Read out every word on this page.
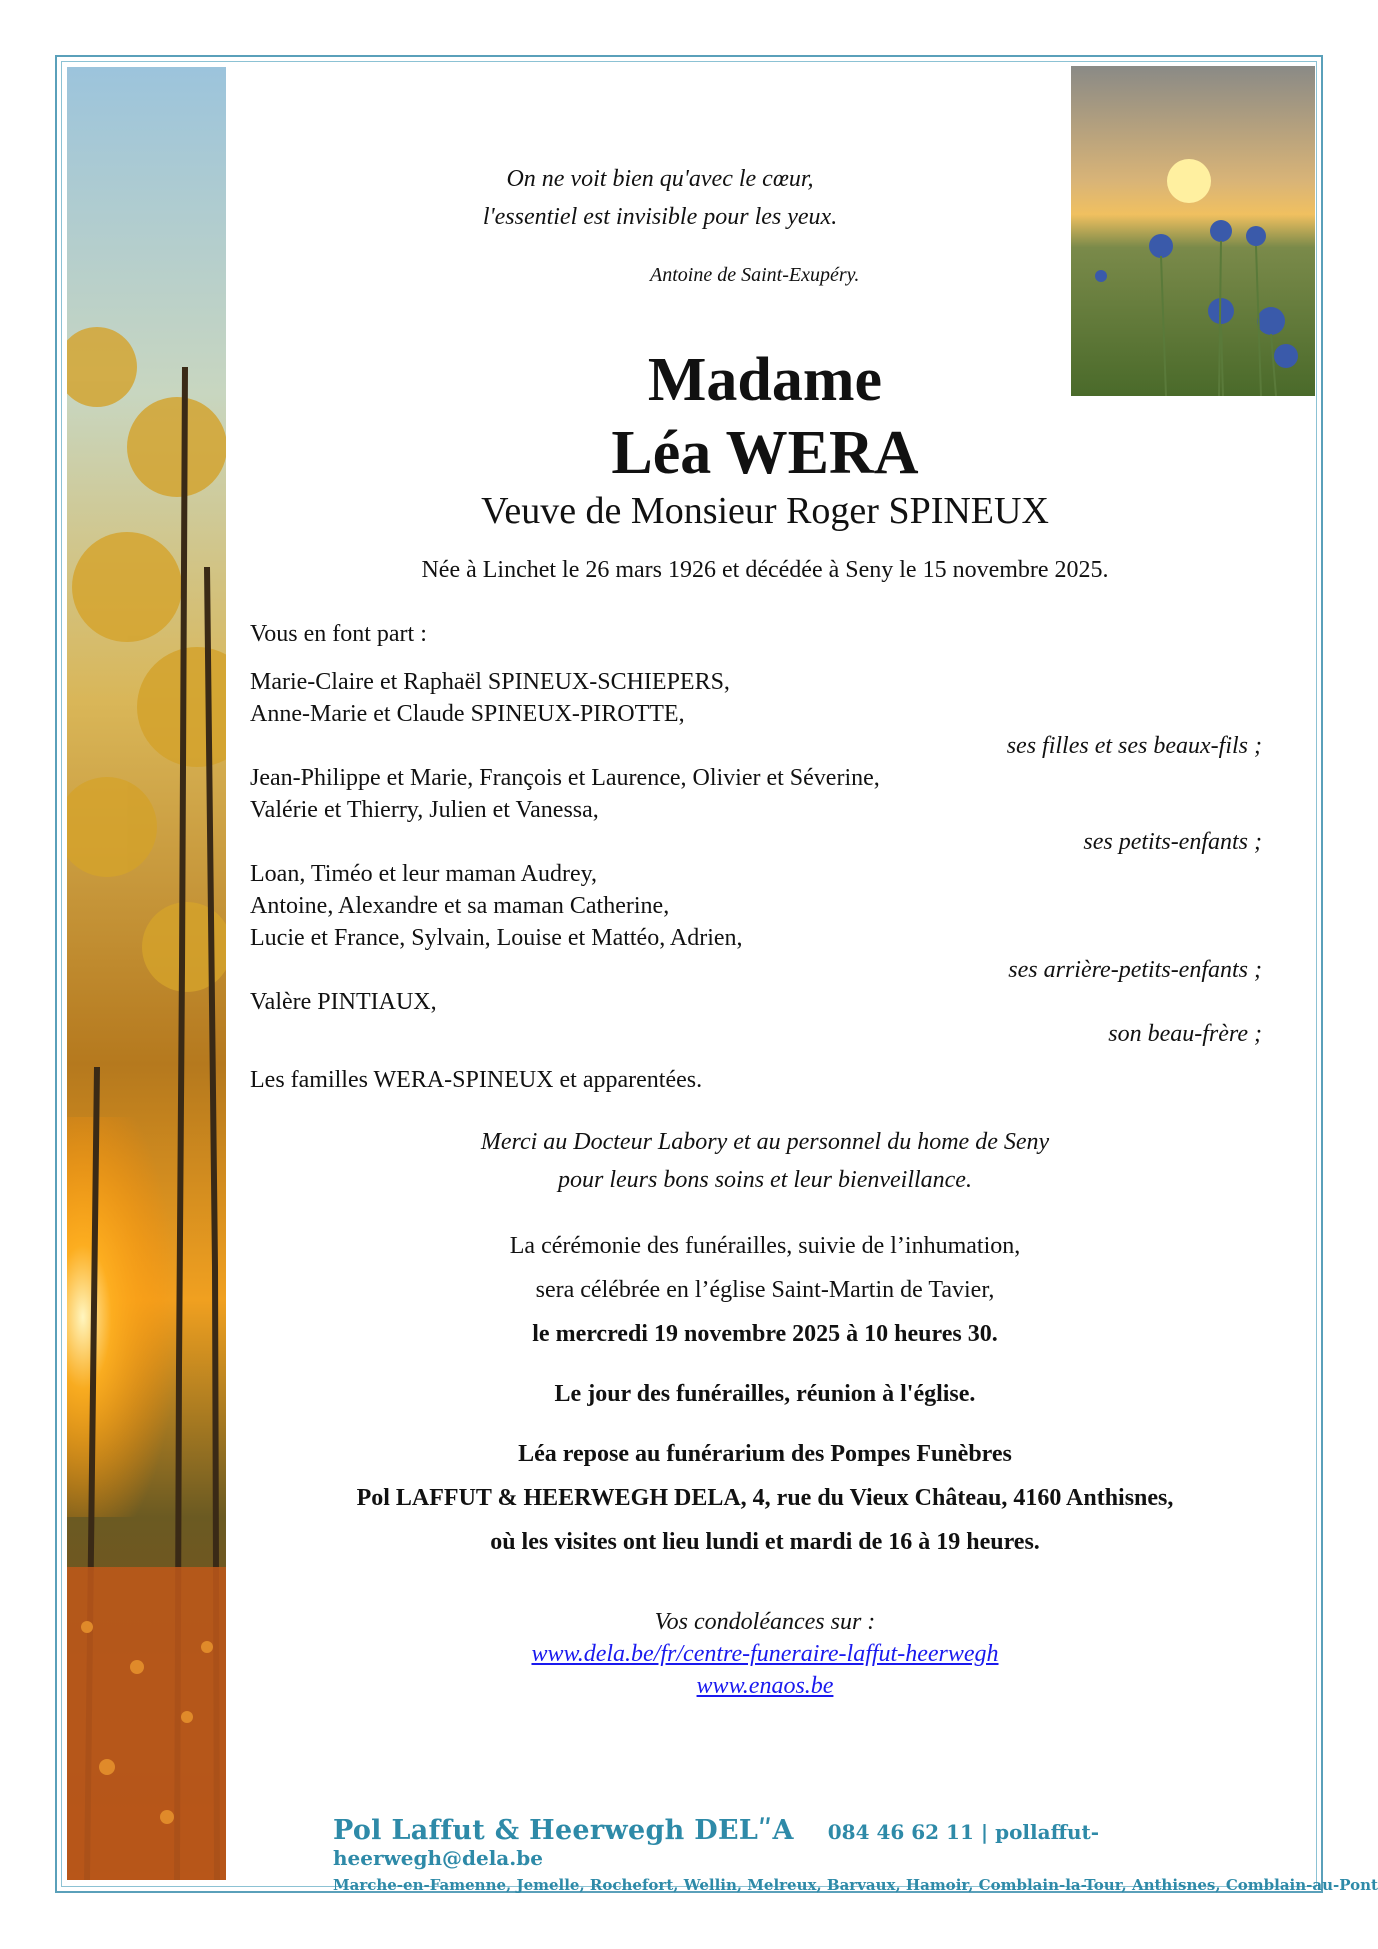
On ne voit bien qu'avec le cœur,
l'essentiel est invisible pour les yeux.
Antoine de Saint-Exupéry.
Madame
Léa WERA
Veuve de Monsieur Roger SPINEUX
Née à Linchet le 26 mars 1926 et décédée à Seny le 15 novembre 2025.
Vous en font part :
Marie-Claire et Raphaël SPINEUX-SCHIEPERS,
Anne-Marie et Claude SPINEUX-PIROTTE,
ses filles et ses beaux-fils ;
Jean-Philippe et Marie, François et Laurence, Olivier et Séverine,
Valérie et Thierry, Julien et Vanessa,
ses petits-enfants ;
Loan, Timéo et leur maman Audrey,
Antoine, Alexandre et sa maman Catherine,
Lucie et France, Sylvain, Louise et Mattéo, Adrien,
ses arrière-petits-enfants ;
Valère PINTIAUX,
son beau-frère ;
Les familles WERA-SPINEUX et apparentées.
Merci au Docteur Labory et au personnel du home de Seny
pour leurs bons soins et leur bienveillance.
La cérémonie des funérailles, suivie de l’inhumation,
sera célébrée en l’église Saint-Martin de Tavier,
le mercredi 19 novembre 2025 à 10 heures 30.
Le jour des funérailles, réunion à l'église.
Léa repose au funérarium des Pompes Funèbres
Pol LAFFUT & HEERWEGH DELA, 4, rue du Vieux Château, 4160 Anthisnes,
où les visites ont lieu lundi et mardi de 16 à 19 heures.
Vos condoléances sur :
www.dela.be/fr/centre-funeraire-laffut-heerwegh
www.enaos.be
Pol Laffut & Heerwegh DELʺA 084 46 62 11 | pollaffut-heerwegh@dela.be
Marche-en-Famenne, Jemelle, Rochefort, Wellin, Melreux, Barvaux, Hamoir, Comblain-la-Tour, Anthisnes, Comblain-au-Pont
